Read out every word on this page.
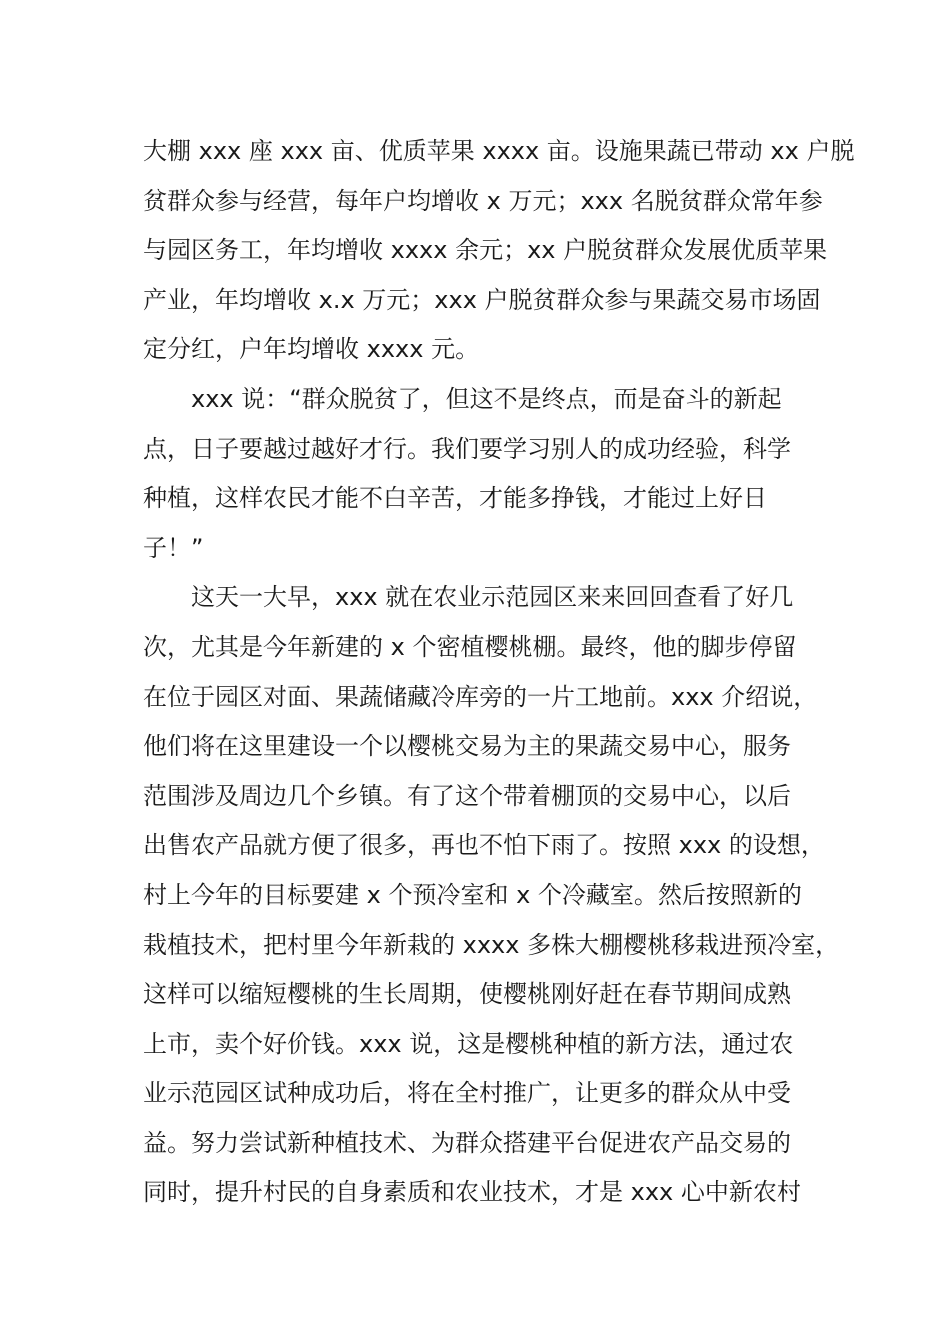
大棚 xxx 座 xxx 亩、优质苹果 xxxx 亩。设施果蔬已带动 xx 户脱
贫群众参与经营，每年户均增收 x 万元；xxx 名脱贫群众常年参
与园区务工，年均增收 xxxx 余元；xx 户脱贫群众发展优质苹果
产业，年均增收 x.x 万元；xxx 户脱贫群众参与果蔬交易市场固
定分红，户年均增收 xxxx 元。
xxx 说：“群众脱贫了，但这不是终点，而是奋斗的新起
点，日子要越过越好才行。我们要学习别人的成功经验，科学
种植，这样农民才能不白辛苦，才能多挣钱，才能过上好日
子！”
这天一大早，xxx 就在农业示范园区来来回回查看了好几
次，尤其是今年新建的 x 个密植樱桃棚。最终，他的脚步停留
在位于园区对面、果蔬储藏冷库旁的一片工地前。xxx 介绍说，
他们将在这里建设一个以樱桃交易为主的果蔬交易中心，服务
范围涉及周边几个乡镇。有了这个带着棚顶的交易中心，以后
出售农产品就方便了很多，再也不怕下雨了。按照 xxx 的设想，
村上今年的目标要建 x 个预冷室和 x 个冷藏室。然后按照新的
栽植技术，把村里今年新栽的 xxxx 多株大棚樱桃移栽进预冷室，
这样可以缩短樱桃的生长周期，使樱桃刚好赶在春节期间成熟
上市，卖个好价钱。xxx 说，这是樱桃种植的新方法，通过农
业示范园区试种成功后，将在全村推广，让更多的群众从中受
益。努力尝试新种植技术、为群众搭建平台促进农产品交易的
同时，提升村民的自身素质和农业技术，才是 xxx 心中新农村
